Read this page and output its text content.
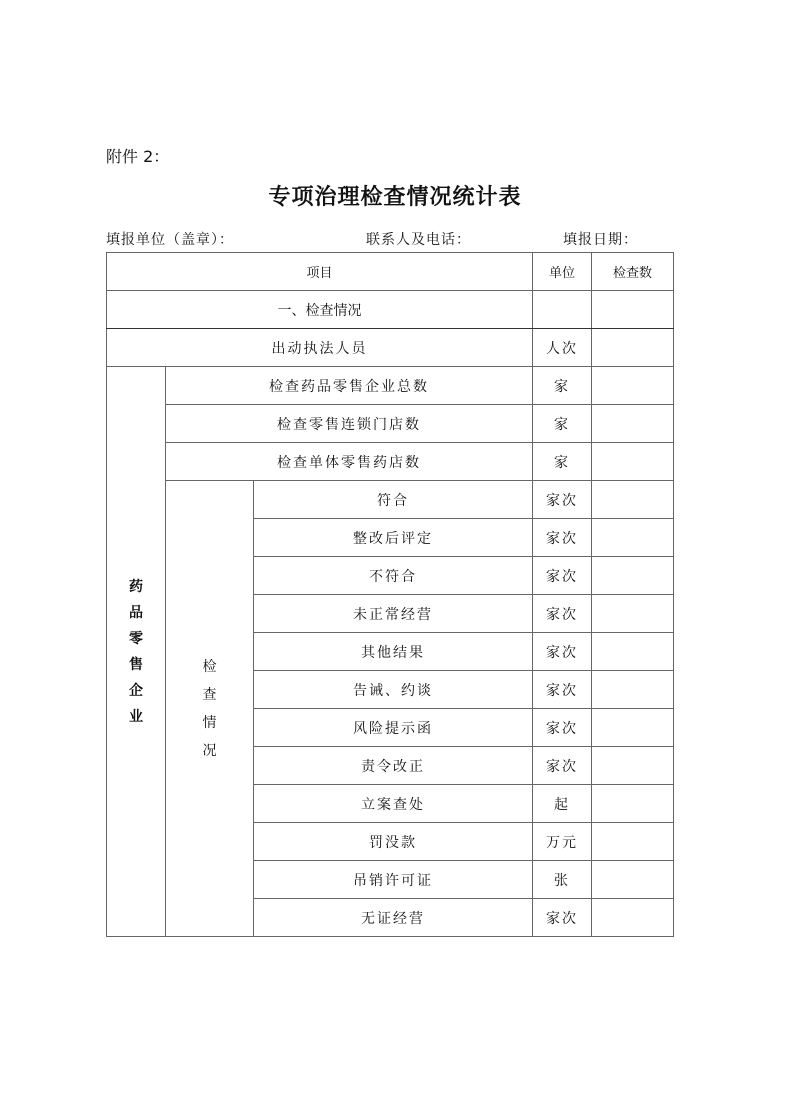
附件 2：
专项治理检查情况统计表
填报单位（盖章）：	联系人及电话：	填报日期：
项目			单位	检查数
一、检查情况				
出动执法人员			人次	
药品零售企业	检查药品零售企业总数		家	
	检查零售连锁门店数		家	
	检查单体零售药店数		家	
	检查情况	符合	家次	
		整改后评定	家次	
		不符合	家次	
		未正常经营	家次	
		其他结果	家次	
		告诫、约谈	家次	
		风险提示函	家次	
		责令改正	家次	
		立案查处	起	
		罚没款	万元	
		吊销许可证	张	
		无证经营	家次	
